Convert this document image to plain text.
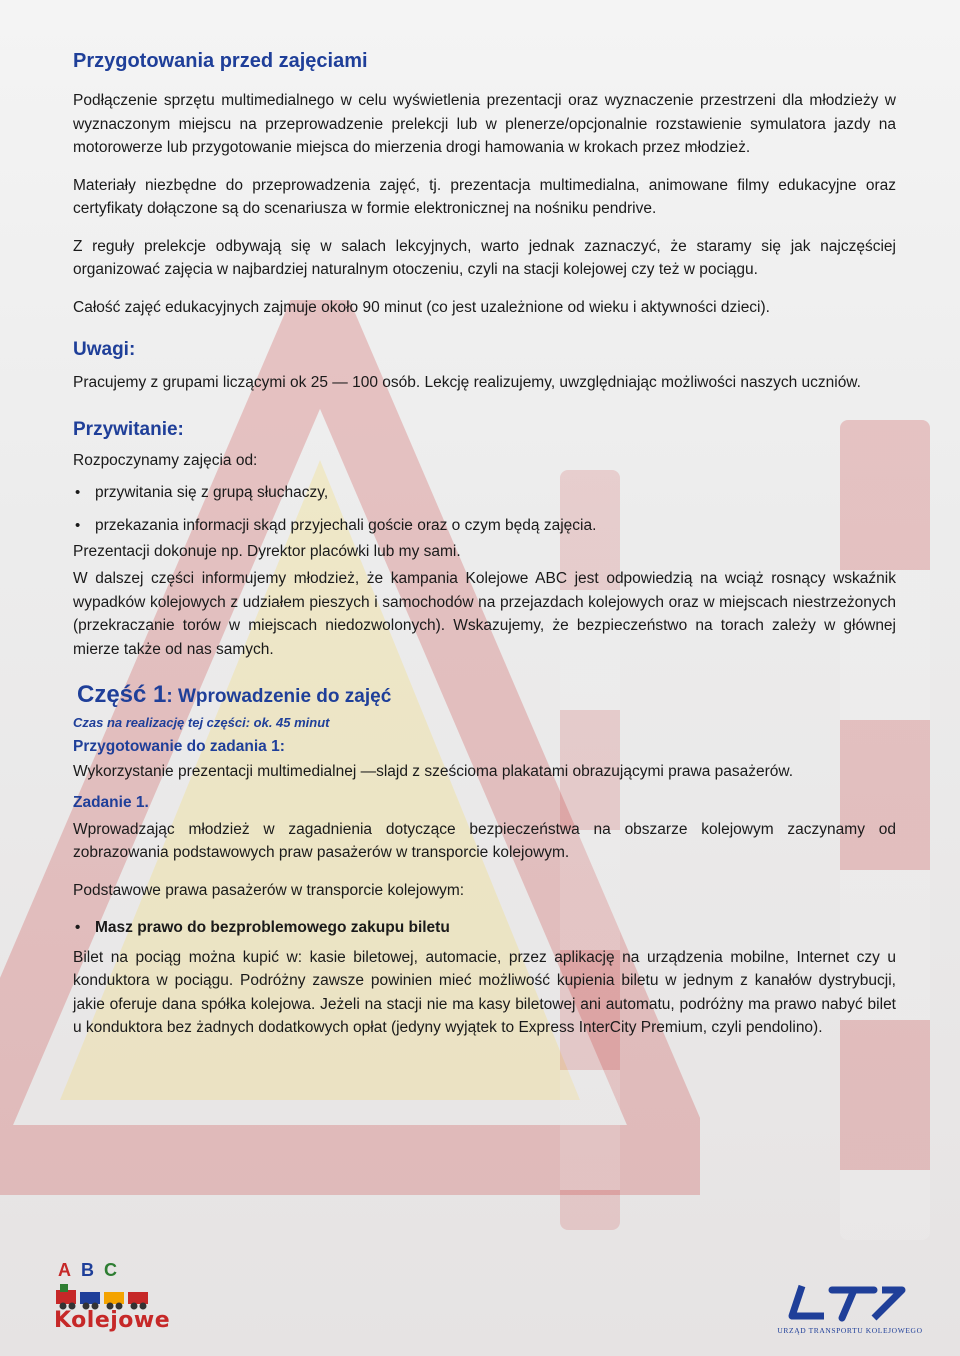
Przygotowania przed zajęciami

Podłączenie sprzętu multimedialnego w celu wyświetlenia prezentacji oraz wyznaczenie przestrzeni dla młodzieży w wyznaczonym miejscu na przeprowadzenie prelekcji lub w plenerze/opcjonalnie rozstawienie symulatora jazdy na motorowerze lub przygotowanie miejsca do mierzenia drogi hamowania w krokach przez młodzież.

Materiały niezbędne do przeprowadzenia zajęć, tj. prezentacja multimedialna, animowane filmy edukacyjne oraz certyfikaty dołączone są do scenariusza w formie elektronicznej na nośniku pendrive.

Z reguły prelekcje odbywają się w salach lekcyjnych, warto jednak zaznaczyć, że staramy się jak najczęściej organizować zajęcia w najbardziej naturalnym otoczeniu, czyli na stacji kolejowej czy też w pociągu.

Całość zajęć edukacyjnych zajmuje około 90 minut (co jest uzależnione od wieku i aktywności dzieci).

Uwagi:

Pracujemy z grupami liczącymi ok 25 — 100 osób. Lekcję realizujemy, uwzględniając możliwości naszych uczniów.

Przywitanie:

Rozpoczynamy zajęcia od:

• przywitania się z grupą słuchaczy,
• przekazania informacji skąd przyjechali goście oraz o czym będą zajęcia.

Prezentacji dokonuje np. Dyrektor placówki lub my sami.

W dalszej części informujemy młodzież, że kampania Kolejowe ABC jest odpowiedzią na wciąż rosnący wskaźnik wypadków kolejowych z udziałem pieszych i samochodów na przejazdach kolejowych oraz w miejscach niestrzeżonych (przekraczanie torów w miejscach niedozwolonych). Wskazujemy, że bezpieczeństwo na torach zależy w głównej mierze także od nas samych.

Część 1: Wprowadzenie do zajęć
Czas na realizację tej części: ok. 45 minut
Przygotowanie do zadania 1:

Wykorzystanie prezentacji multimedialnej —slajd z sześcioma plakatami obrazującymi prawa pasażerów.

Zadanie 1.

Wprowadzając młodzież w zagadnienia dotyczące bezpieczeństwa na obszarze kolejowym zaczynamy od zobrazowania podstawowych praw pasażerów w transporcie kolejowym.

Podstawowe prawa pasażerów w transporcie kolejowym:

• Masz prawo do bezproblemowego zakupu biletu

Bilet na pociąg można kupić w: kasie biletowej, automacie, przez aplikację na urządzenia mobilne, Internet czy u konduktora w pociągu. Podróżny zawsze powinien mieć możliwość kupienia biletu w jednym z kanałów dystrybucji, jakie oferuje dana spółka kolejowa. Jeżeli na stacji nie ma kasy biletowej ani automatu, podróżny ma prawo nabyć bilet u konduktora bez żadnych dodatkowych opłat (jedyny wyjątek to Express InterCity Premium, czyli pendolino).

A B C
Kolejowe	URZĄD TRANSPORTU KOLEJOWEGO
